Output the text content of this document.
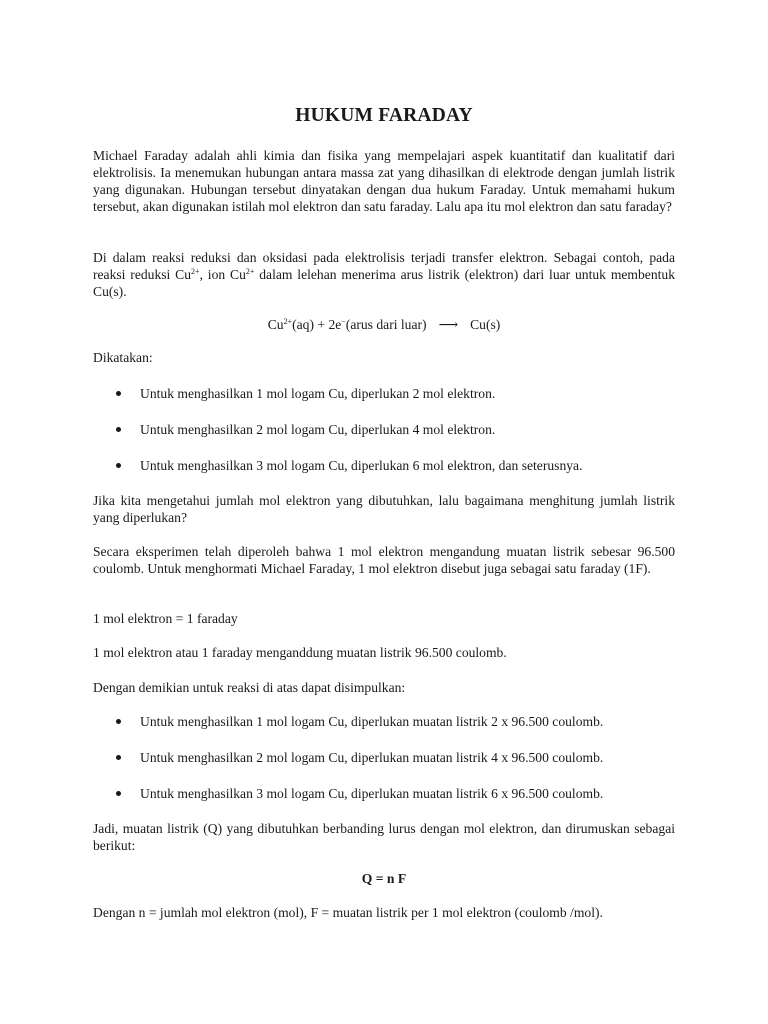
HUKUM FARADAY

Michael Faraday adalah ahli kimia dan fisika yang mempelajari aspek kuantitatif dan kualitatif dari elektrolisis. Ia menemukan hubungan antara massa zat yang dihasilkan di elektrode dengan jumlah listrik yang digunakan. Hubungan tersebut dinyatakan dengan dua hukum Faraday. Untuk memahami hukum tersebut, akan digunakan istilah mol elektron dan satu faraday. Lalu apa itu mol elektron dan satu faraday?

Di dalam reaksi reduksi dan oksidasi pada elektrolisis terjadi transfer elektron. Sebagai contoh, pada reaksi reduksi $Cu^{2+}$, ion $Cu^{2+}$ dalam lelehan menerima arus listrik (elektron) dari luar untuk membentuk Cu(s).

$Cu^{2+}(aq)$ + 2e−(arus dari luar) ⟶ Cu(s)

Dikatakan:

Untuk menghasilkan 1 mol logam Cu, diperlukan 2 mol elektron.
Untuk menghasilkan 2 mol logam Cu, diperlukan 4 mol elektron.
Untuk menghasilkan 3 mol logam Cu, diperlukan 6 mol elektron, dan seterusnya.

Jika kita mengetahui jumlah mol elektron yang dibutuhkan, lalu bagaimana menghitung jumlah listrik yang diperlukan?

Secara eksperimen telah diperoleh bahwa 1 mol elektron mengandung muatan listrik sebesar 96.500 coulomb. Untuk menghormati Michael Faraday, 1 mol elektron disebut juga sebagai satu faraday (1F).

1 mol elektron = 1 faraday

1 mol elektron atau 1 faraday menganddung muatan listrik 96.500 coulomb.

Dengan demikian untuk reaksi di atas dapat disimpulkan:

Untuk menghasilkan 1 mol logam Cu, diperlukan muatan listrik 2 x 96.500 coulomb.
Untuk menghasilkan 2 mol logam Cu, diperlukan muatan listrik 4 x 96.500 coulomb.
Untuk menghasilkan 3 mol logam Cu, diperlukan muatan listrik 6 x 96.500 coulomb.

Jadi, muatan listrik (Q) yang dibutuhkan berbanding lurus dengan mol elektron, dan dirumuskan sebagai berikut:

Q = n F

Dengan n = jumlah mol elektron (mol), F = muatan listrik per 1 mol elektron (coulomb /mol).
